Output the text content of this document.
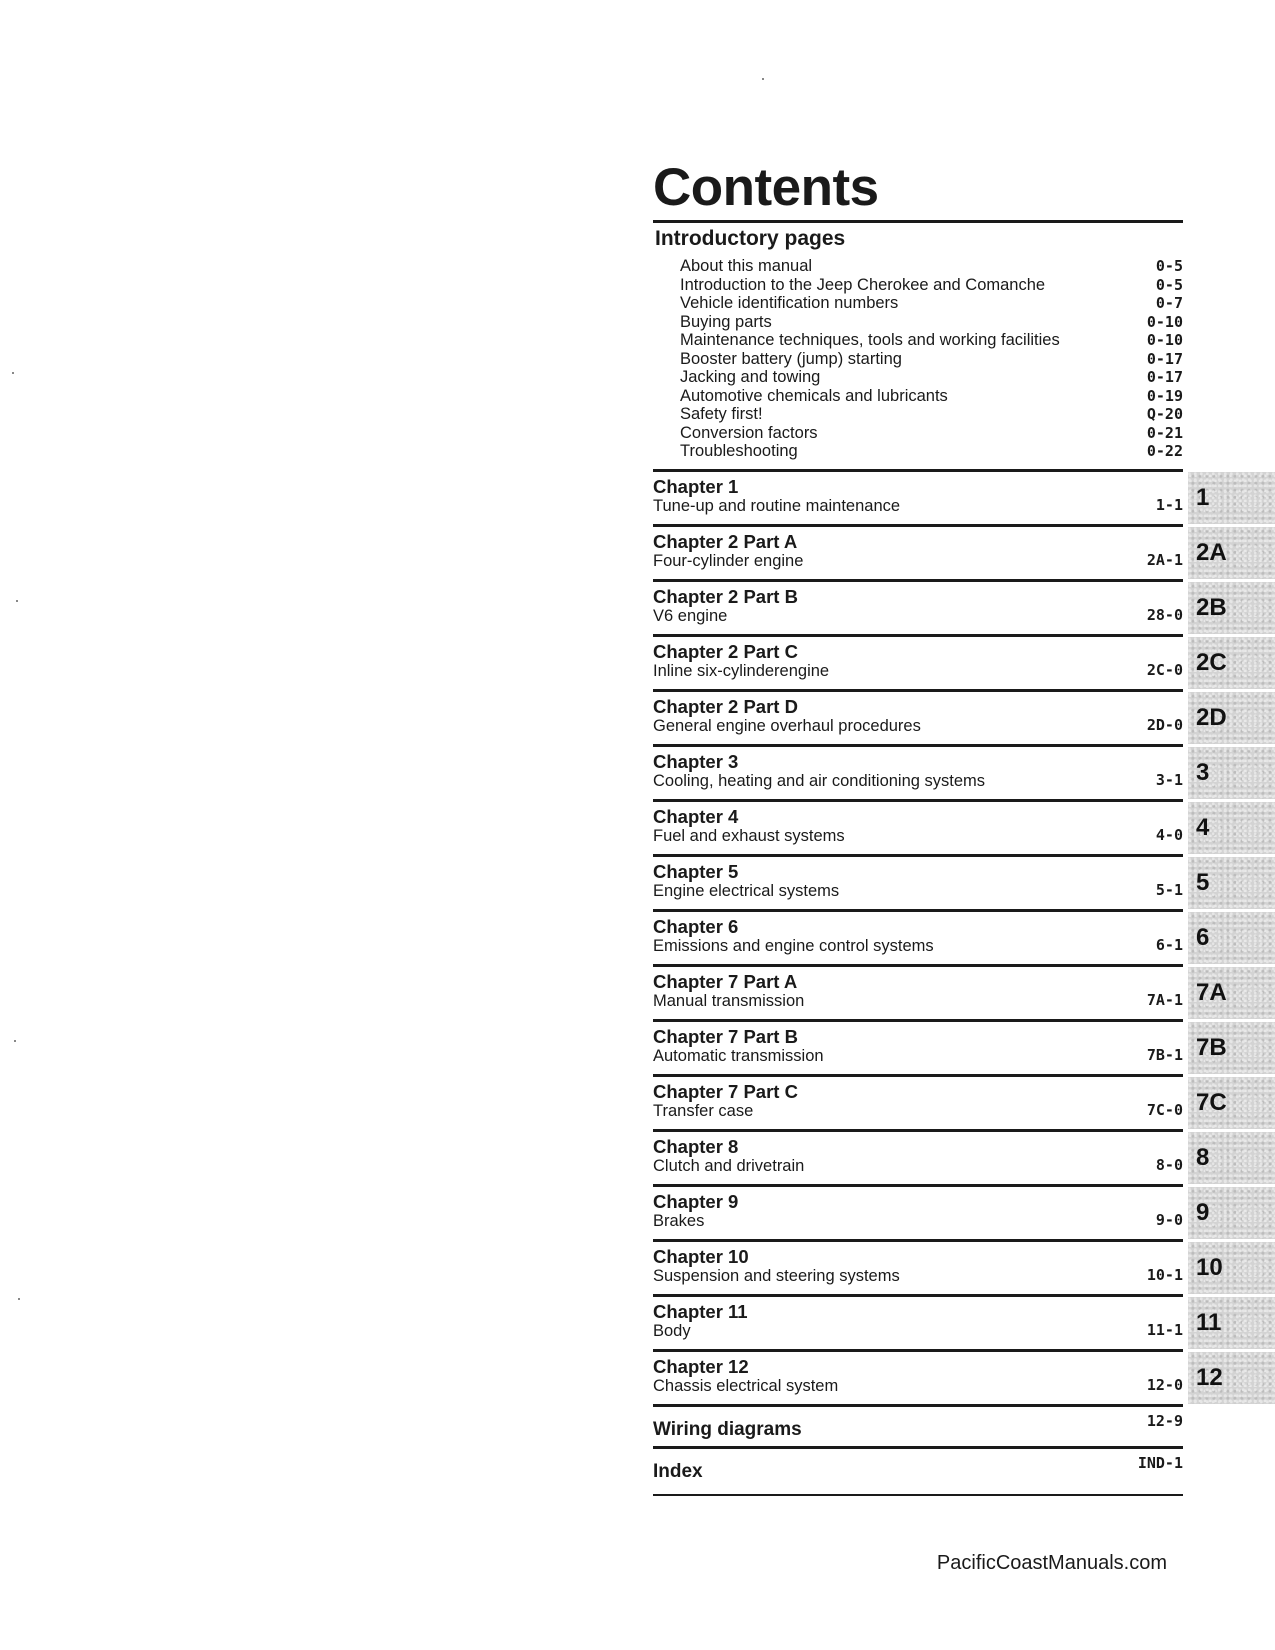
Contents
Introductory pages
About this manual	0-5
Introduction to the Jeep Cherokee and Comanche	0-5
Vehicle identification numbers	0-7
Buying parts	0-10
Maintenance techniques, tools and working facilities	0-10
Booster battery (jump) starting	0-17
Jacking and towing	0-17
Automotive chemicals and lubricants	0-19
Safety first!	Q-20
Conversion factors	0-21
Troubleshooting	0-22

Chapter 1

Tune-up and routine maintenance	1-1 1

Chapter 2 Part A

Four-cylinder engine	2A-1 2A

Chapter 2 Part B

V6 engine	28-0 2B

Chapter 2 Part C

Inline six-cylinderengine	2C-0 2C

Chapter 2 Part D

General engine overhaul procedures	2D-0 2D

Chapter 3

Cooling, heating and air conditioning systems	3-1 3

Chapter 4

Fuel and exhaust systems	4-0 4

Chapter 5

Engine electrical systems	5-1 5

Chapter 6

Emissions and engine control systems	6-1 6

Chapter 7 Part A

Manual transmission	7A-1 7A

Chapter 7 Part B

Automatic transmission	7B-1 7B

Chapter 7 Part C

Transfer case	7C-0 7C

Chapter 8

Clutch and drivetrain	8-0 8

Chapter 9

Brakes	9-0 9

Chapter 10

Suspension and steering systems	10-1 10

Chapter 11

Body	11-1 11

Chapter 12

Chassis electrical system	12-0 12

Wiring diagrams	12-9

Index	IND-1
PacificCoastManuals.com
